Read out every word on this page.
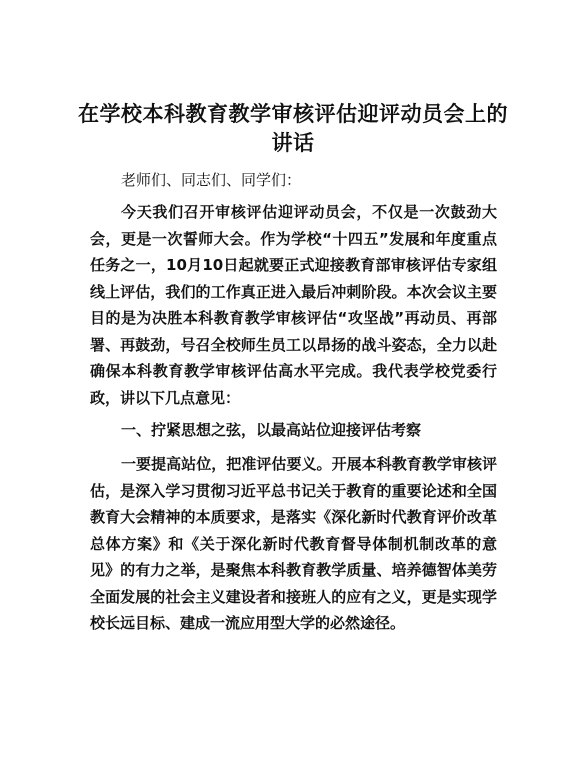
在学校本科教育教学审核评估迎评动员会上的讲话
老师们、同志们、同学们：
今天我们召开审核评估迎评动员会，不仅是一次鼓劲大会，更是一次誓师大会。作为学校“十四五”发展和年度重点任务之一，10月10日起就要正式迎接教育部审核评估专家组线上评估，我们的工作真正进入最后冲刺阶段。本次会议主要目的是为决胜本科教育教学审核评估“攻坚战”再动员、再部署、再鼓劲，号召全校师生员工以昂扬的战斗姿态，全力以赴确保本科教育教学审核评估高水平完成。我代表学校党委行政，讲以下几点意见：
一、拧紧思想之弦，以最高站位迎接评估考察
一要提高站位，把准评估要义。开展本科教育教学审核评估，是深入学习贯彻习近平总书记关于教育的重要论述和全国教育大会精神的本质要求，是落实《深化新时代教育评价改革总体方案》和《关于深化新时代教育督导体制机制改革的意见》的有力之举，是聚焦本科教育教学质量、培养德智体美劳全面发展的社会主义建设者和接班人的应有之义，更是实现学校长远目标、建成一流应用型大学的必然途径。
